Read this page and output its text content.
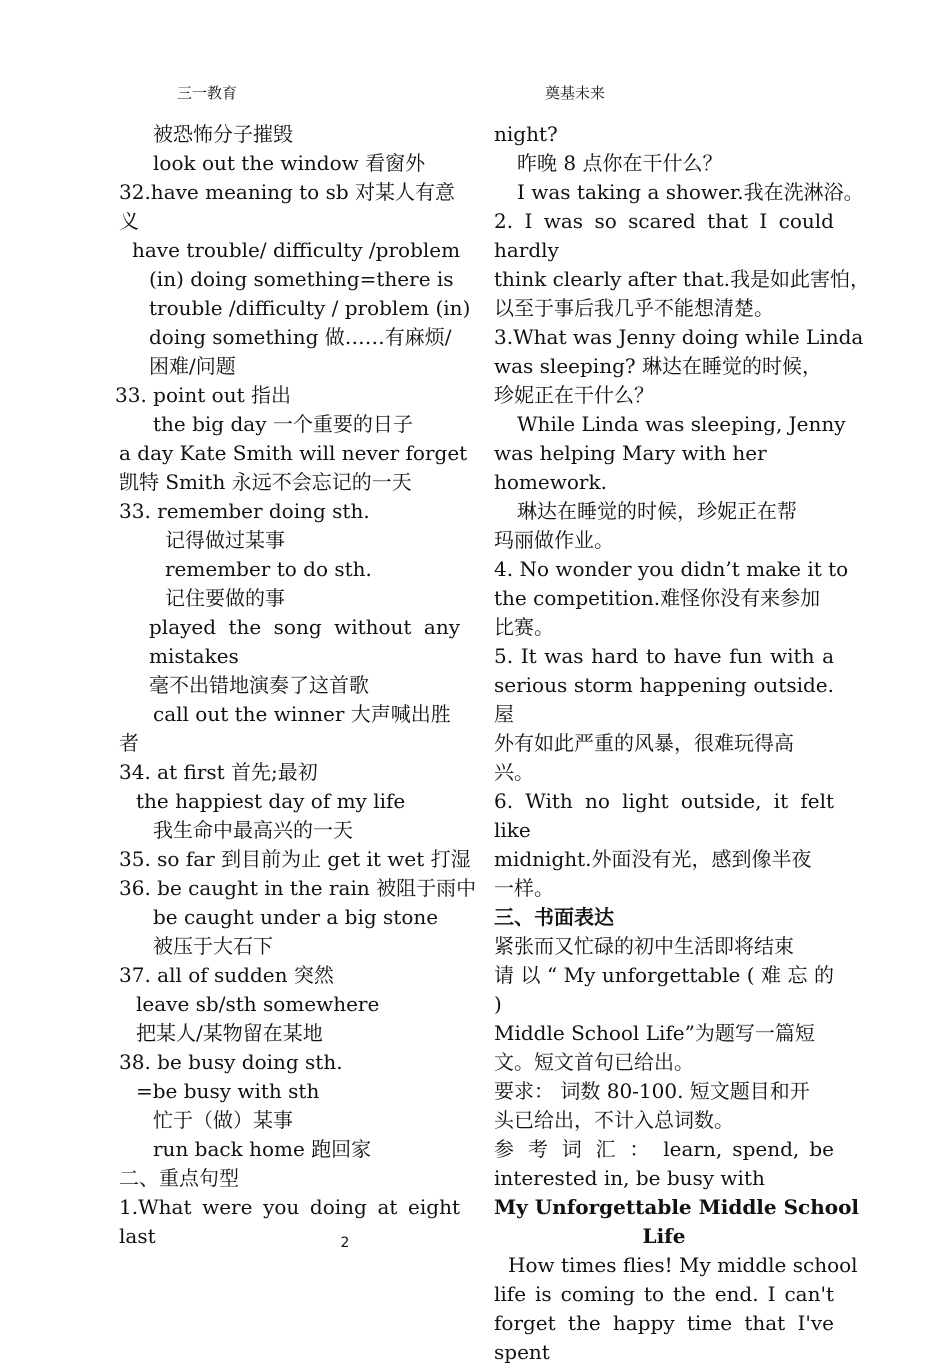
三一教育	奠基未来
被恐怖分子摧毁
look out the window 看窗外
32.have meaning to sb 对某人有意
义
have trouble/ difficulty /problem
(in) doing something=there is
trouble /difficulty / problem (in)
doing something 做……有麻烦/
困难/问题
33. point out 指出
the big day 一个重要的日子
a day Kate Smith will never forget
凯特 Smith 永远不会忘记的一天
33. remember doing sth.
记得做过某事
remember to do sth.
记住要做的事
played the song without any
mistakes
毫不出错地演奏了这首歌
call out the winner 大声喊出胜
者
34. at first 首先;最初
the happiest day of my life
我生命中最高兴的一天
35. so far 到目前为止 get it wet 打湿
36. be caught in the rain 被阻于雨中
be caught under a big stone
被压于大石下
37. all of sudden 突然
leave sb/sth somewhere
把某人/某物留在某地
38. be busy doing sth.
=be busy with sth
忙于（做）某事
run back home 跑回家
二、重点句型
1.What were you doing at eight last
night?
昨晚 8 点你在干什么？
I was taking a shower.我在洗淋浴。
2. I was so scared that I could hardly
think clearly after that.我是如此害怕，
以至于事后我几乎不能想清楚。
3.What was Jenny doing while Linda
was sleeping? 琳达在睡觉的时候，
珍妮正在干什么？
While Linda was sleeping, Jenny
was helping Mary with her
homework.
琳达在睡觉的时候，珍妮正在帮
玛丽做作业。
4. No wonder you didn’t make it to
the competition.难怪你没有来参加
比赛。
5. It was hard to have fun with a
serious storm happening outside. 屋
外有如此严重的风暴，很难玩得高
兴。
6. With no light outside, it felt like
midnight.外面没有光，感到像半夜
一样。
三、书面表达
紧张而又忙碌的初中生活即将结束
请 以 “ My unforgettable ( 难 忘 的 )
Middle School Life”为题写一篇短
文。短文首句已给出。
要求： 词数 80-100. 短文题目和开
头已给出，不计入总词数。
参 考 词 汇 ： learn, spend, be
interested in, be busy with
My Unforgettable Middle School
Life
How times flies! My middle school
life is coming to the end. I can't
forget the happy time that I've spent
2
